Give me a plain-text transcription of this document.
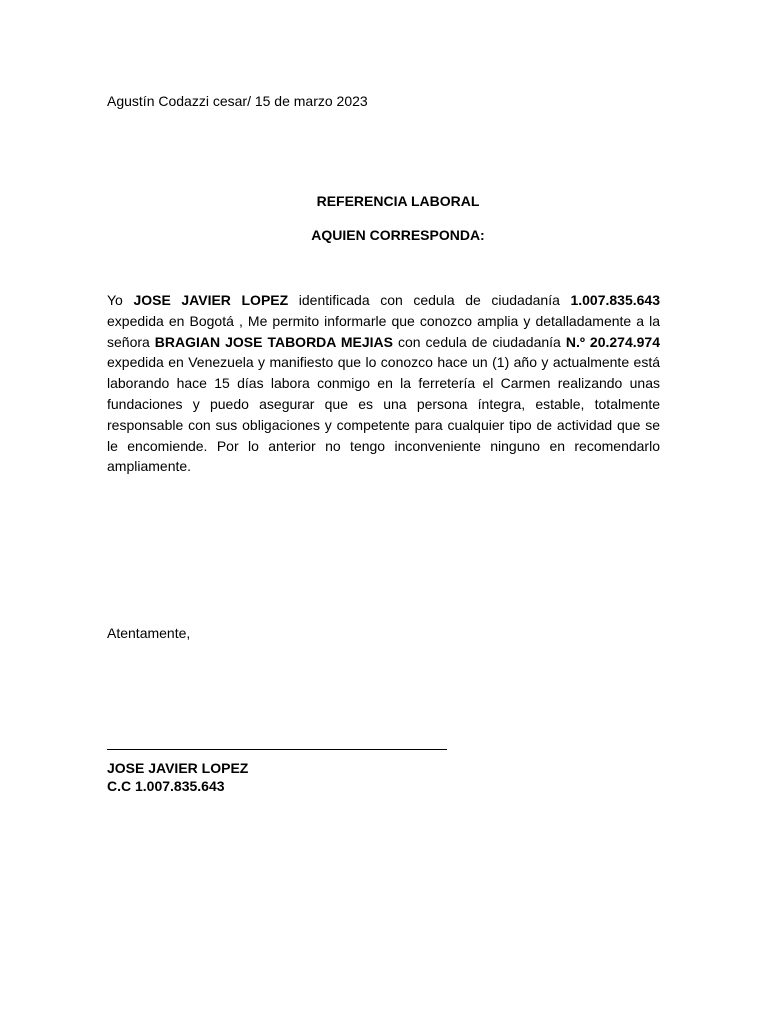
Agustín Codazzi cesar/ 15 de marzo 2023
REFERENCIA LABORAL
AQUIEN CORRESPONDA:
Yo JOSE JAVIER LOPEZ identificada con cedula de ciudadanía 1.007.835.643 expedida en Bogotá , Me permito informarle que conozco amplia y detalladamente a la señora BRAGIAN JOSE TABORDA MEJIAS con cedula de ciudadanía N.º 20.274.974 expedida en Venezuela y manifiesto que lo conozco hace un (1) año y actualmente está laborando hace 15 días labora conmigo en la ferretería el Carmen realizando unas fundaciones y puedo asegurar que es una persona íntegra, estable, totalmente responsable con sus obligaciones y competente para cualquier tipo de actividad que se le encomiende. Por lo anterior no tengo inconveniente ninguno en recomendarlo ampliamente.
Atentamente,
JOSE JAVIER LOPEZ
C.C 1.007.835.643
